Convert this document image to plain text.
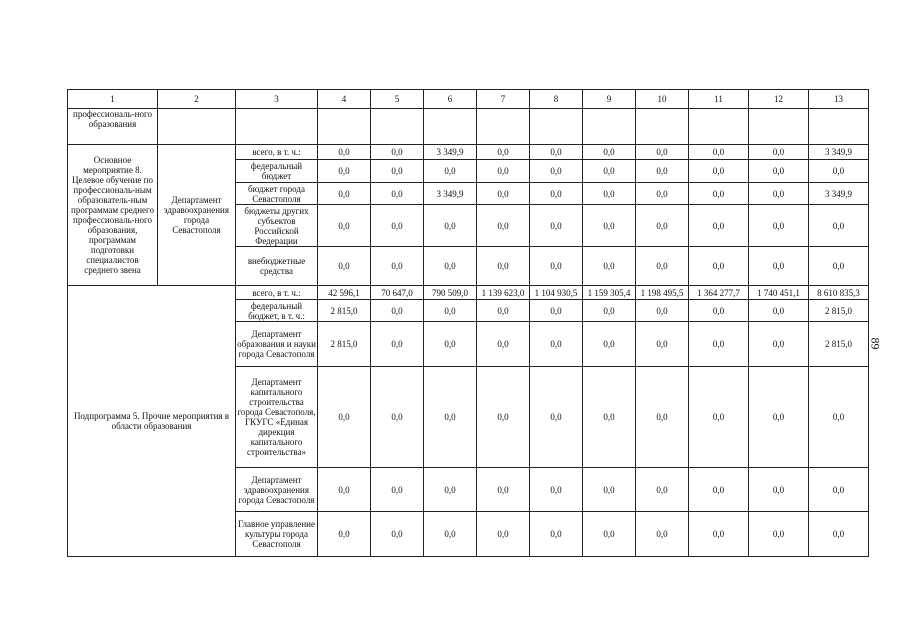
1	2	3	4	5	6	7	8	9	10	11	12	13
профессиональ-ного образования												
Основное мероприятие 8. Целевое обучение по профессиональ-ным образователь-ным программам среднего профессиональ-ного образования, программам подготовки специалистов среднего звена	Департамент здравоохранения города Севастополя	всего, в т. ч.:	0,0	0,0	3 349,9	0,0	0,0	0,0	0,0	0,0	0,0	3 349,9
		федеральный бюджет	0,0	0,0	0,0	0,0	0,0	0,0	0,0	0,0	0,0	0,0
		бюджет города Севастополя	0,0	0,0	3 349,9	0,0	0,0	0,0	0,0	0,0	0,0	3 349,9
		бюджеты других субъектов Российской Федерации	0,0	0,0	0,0	0,0	0,0	0,0	0,0	0,0	0,0	0,0
		внебюджетные средства	0,0	0,0	0,0	0,0	0,0	0,0	0,0	0,0	0,0	0,0
Подпрограмма 5. Прочие мероприятия в области образования		всего, в т. ч.:	42 596,1	70 647,0	790 509,0	1 139 623,0	1 104 930,5	1 159 305,4	1 198 495,5	1 364 277,7	1 740 451,1	8 610 835,3
		федеральный бюджет, в т. ч.:	2 815,0	0,0	0,0	0,0	0,0	0,0	0,0	0,0	0,0	2 815,0
		Департамент образования и науки города Севастополя	2 815,0	0,0	0,0	0,0	0,0	0,0	0,0	0,0	0,0	2 815,0
		Департамент капитального строительства города Севастополя, ГКУГС «Единая дирекция капитального строительства»	0,0	0,0	0,0	0,0	0,0	0,0	0,0	0,0	0,0	0,0
		Департамент здравоохранения города Севастополя	0,0	0,0	0,0	0,0	0,0	0,0	0,0	0,0	0,0	0,0
		Главное управление культуры города Севастополя	0,0	0,0	0,0	0,0	0,0	0,0	0,0	0,0	0,0	0,0
89
